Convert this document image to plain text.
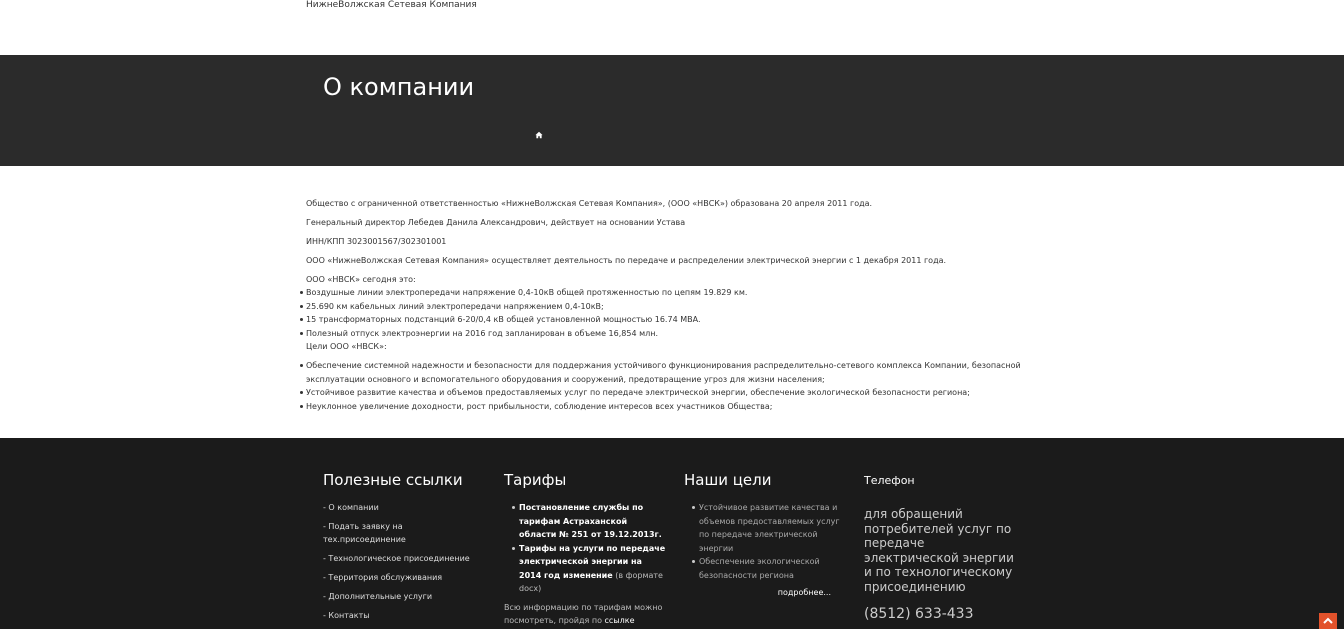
НижнеВолжская Сетевая Компания
О компании

Общество с ограниченной ответственностью «НижнеВолжская Сетевая Компания», (ООО «НВСК») образована 20 апреля 2011 года.

Генеральный директор Лебедев Данила Александрович, действует на основании Устава

ИНН/КПП 3023001567/302301001

ООО «НижнеВолжская Сетевая Компания» осуществляет деятельность по передаче и распределении электрической энергии с 1 декабря 2011 года.

ООО «НВСК» сегодня это:

Воздушные линии электропередачи напряжение 0,4-10кВ общей протяженностью по цепям 19.829 км.
25.690 км кабельных линий электропередачи напряжением 0,4-10кВ;
15 трансформаторных подстанций 6-20/0,4 кВ общей установленной мощностью 16.74 МВА.
Полезный отпуск электроэнергии на 2016 год запланирован в объеме 16,854 млн.

Цели ООО «НВСК»:

Обеспечение системной надежности и безопасности для поддержания устойчивого функционирования распределительно-сетевого комплекса Компании, безопасной эксплуатации основного и вспомогательного оборудования и сооружений, предотвращение угроз для жизни населения;
Устойчивое развитие качества и объемов предоставляемых услуг по передаче электрической энергии, обеспечение экологической безопасности региона;
Неуклонное увеличение доходности, рост прибыльности, соблюдение интересов всех участников Общества;
Полезные ссылки
- О компании
- Подать заявку на тех.присоединение
- Технологическое присоединение
- Территория обслуживания
- Дополнительные услуги
- Контакты
Тарифы
Постановление службы по тарифам Астраханской области № 251 от 19.12.2013г.
Тарифы на услуги по передаче электрической энергии на 2014 год изменение (в формате docx)
Всю информацию по тарифам можно посмотреть, пройдя по ссылке
Наши цели
Устойчивое развитие качества и объемов предоставляемых услуг по передаче электрической энергии
Обеспечение экологической безопасности региона
подробнее...
Телефон

для обращений потребителей услуг по передаче электрической энергии и по технологическому присоединению

(8512) 633-433
